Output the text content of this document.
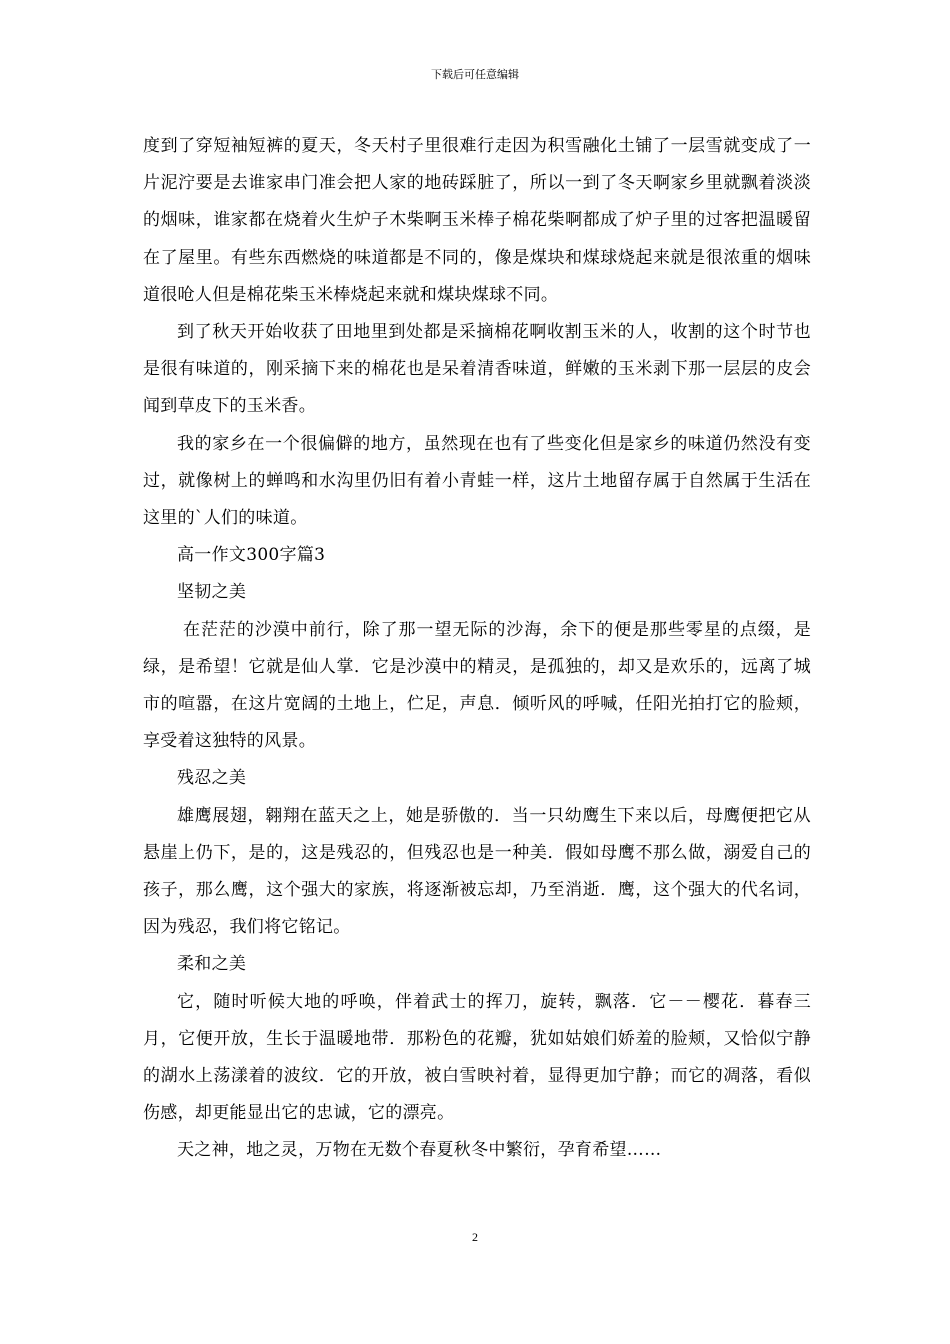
下载后可任意编辑

度到了穿短袖短裤的夏天，冬天村子里很难行走因为积雪融化土铺了一层雪就变成了一片泥泞要是去谁家串门准会把人家的地砖踩脏了，所以一到了冬天啊家乡里就飘着淡淡的烟味，谁家都在烧着火生炉子木柴啊玉米棒子棉花柴啊都成了炉子里的过客把温暖留在了屋里。有些东西燃烧的味道都是不同的，像是煤块和煤球烧起来就是很浓重的烟味道很呛人但是棉花柴玉米棒烧起来就和煤块煤球不同。

到了秋天开始收获了田地里到处都是采摘棉花啊收割玉米的人，收割的这个时节也是很有味道的，刚采摘下来的棉花也是呆着清香味道，鲜嫩的玉米剥下那一层层的皮会闻到草皮下的玉米香。

我的家乡在一个很偏僻的地方，虽然现在也有了些变化但是家乡的味道仍然没有变过，就像树上的蝉鸣和水沟里仍旧有着小青蛙一样，这片土地留存属于自然属于生活在这里的`人们的味道。

高一作文300字篇3

坚韧之美

在茫茫的沙漠中前行，除了那一望无际的沙海，余下的便是那些零星的点缀，是绿，是希望！它就是仙人掌．它是沙漠中的精灵，是孤独的，却又是欢乐的，远离了城市的喧嚣，在这片宽阔的土地上，伫足，声息．倾听风的呼喊，任阳光拍打它的脸颊，享受着这独特的风景。

残忍之美

雄鹰展翅，翱翔在蓝天之上，她是骄傲的．当一只幼鹰生下来以后，母鹰便把它从悬崖上仍下，是的，这是残忍的，但残忍也是一种美．假如母鹰不那么做，溺爱自己的孩子，那么鹰，这个强大的家族，将逐渐被忘却，乃至消逝．鹰，这个强大的代名词，因为残忍，我们将它铭记。

柔和之美

它，随时听候大地的呼唤，伴着武士的挥刀，旋转，飘落．它－－樱花．暮春三月，它便开放，生长于温暖地带．那粉色的花瓣，犹如姑娘们娇羞的脸颊，又恰似宁静的湖水上荡漾着的波纹．它的开放，被白雪映衬着，显得更加宁静；而它的凋落，看似伤感，却更能显出它的忠诚，它的漂亮。

天之神，地之灵，万物在无数个春夏秋冬中繁衍，孕育希望……

2
